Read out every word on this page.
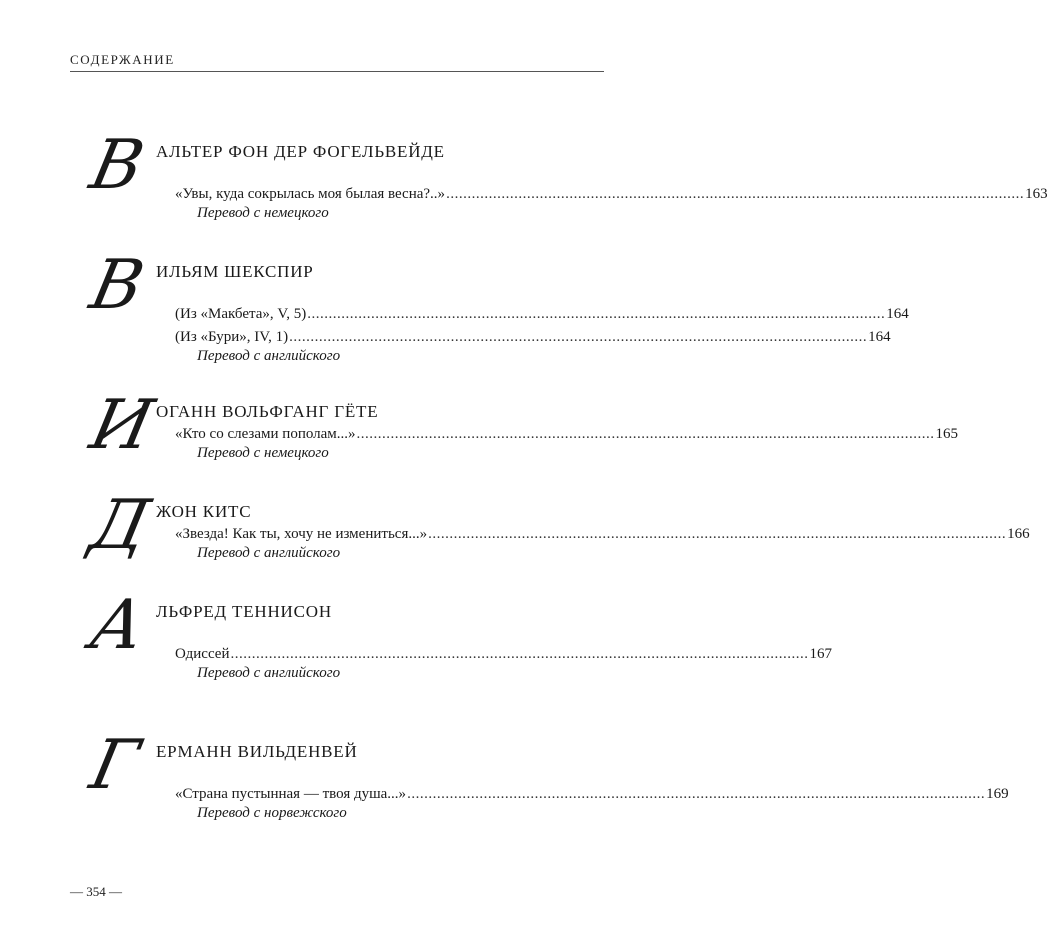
СОДЕРЖАНИЕ
В АЛЬТЕР ФОН ДЕР ФОГЕЛЬВЕЙДЕ
«Увы, куда сокрылась моя былая весна?..» ........................................................................................................................................ 163
Перевод с немецкого
В ИЛЬЯМ ШЕКСПИР
(Из «Макбета», V, 5) ........................................................................................................................................ 164
(Из «Бури», IV, 1) ........................................................................................................................................ 164
Перевод с английского
И
ОГАНН ВОЛЬФГАНГ ГЁТЕ
«Кто со слезами пополам...» ........................................................................................................................................ 165
Перевод с немецкого
Д ЖОН КИТС
«Звезда! Как ты, хочу не измениться...» ........................................................................................................................................ 166
Перевод с английского
А ЛЬФРЕД ТЕННИСОН
Одиссей ........................................................................................................................................ 167
Перевод с английского
Г ЕРМАНН ВИЛЬДЕНВЕЙ
«Страна пустынная — твоя душа...» ........................................................................................................................................ 169
Перевод с норвежского
— 354 —
